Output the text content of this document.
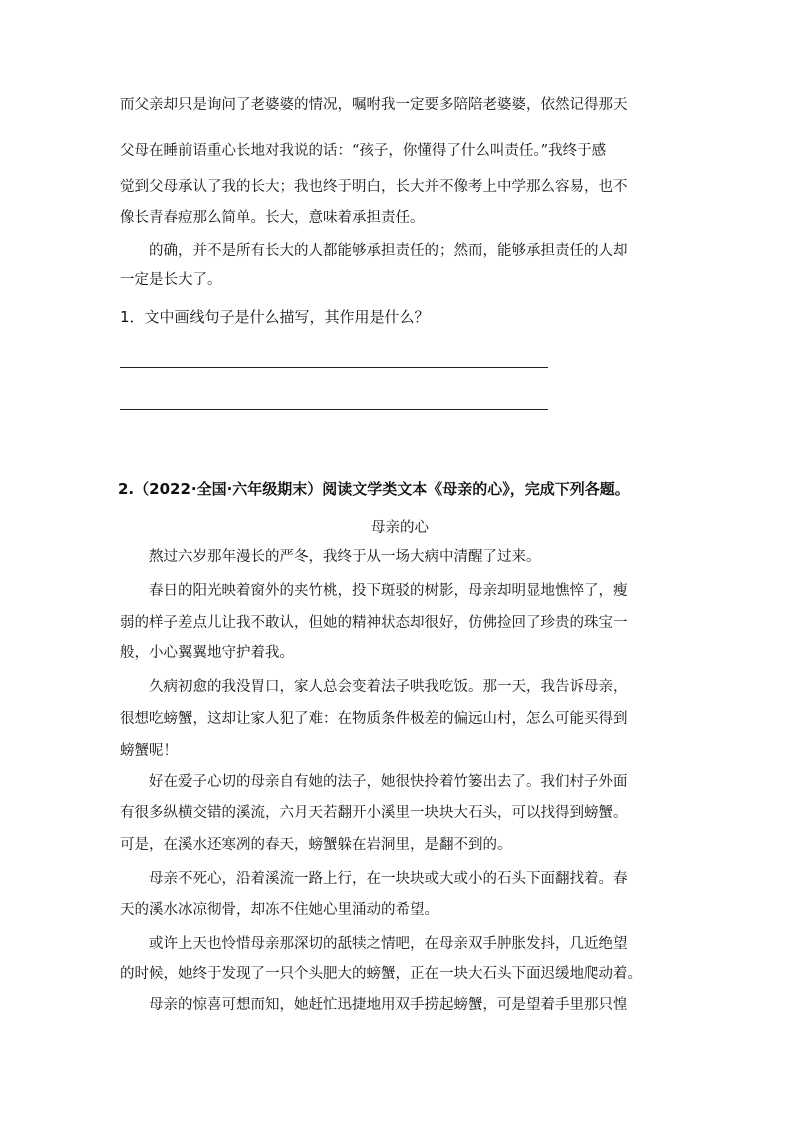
而父亲却只是询问了老婆婆的情况，嘱咐我一定要多陪陪老婆婆，依然记得那天
父母在睡前语重心长地对我说的话：“孩子，你懂得了什么叫责任。”我终于感
觉到父母承认了我的长大；我也终于明白，长大并不像考上中学那么容易，也不
像长青春痘那么简单。长大，意味着承担责任。
　　的确，并不是所有长大的人都能够承担责任的；然而，能够承担责任的人却
一定是长大了。
1．文中画线句子是什么描写，其作用是什么？
2.（2022·全国·六年级期末）阅读文学类文本《母亲的心》，完成下列各题。
母亲的心
　　熬过六岁那年漫长的严冬，我终于从一场大病中清醒了过来。
　　春日的阳光映着窗外的夹竹桃，投下斑驳的树影，母亲却明显地憔悴了，瘦
弱的样子差点儿让我不敢认，但她的精神状态却很好，仿佛捡回了珍贵的珠宝一
般，小心翼翼地守护着我。
　　久病初愈的我没胃口，家人总会变着法子哄我吃饭。那一天，我告诉母亲，
很想吃螃蟹，这却让家人犯了难：在物质条件极差的偏远山村，怎么可能买得到
螃蟹呢！
　　好在爱子心切的母亲自有她的法子，她很快拎着竹篓出去了。我们村子外面
有很多纵横交错的溪流，六月天若翻开小溪里一块块大石头，可以找得到螃蟹。
可是，在溪水还寒冽的春天，螃蟹躲在岩洞里，是翻不到的。
　　母亲不死心，沿着溪流一路上行，在一块块或大或小的石头下面翻找着。春
天的溪水冰凉彻骨，却冻不住她心里涌动的希望。
　　或许上天也怜惜母亲那深切的舐犊之情吧，在母亲双手肿胀发抖，几近绝望
的时候，她终于发现了一只个头肥大的螃蟹，正在一块大石头下面迟缓地爬动着。
　　母亲的惊喜可想而知，她赶忙迅捷地用双手捞起螃蟹，可是望着手里那只惶
